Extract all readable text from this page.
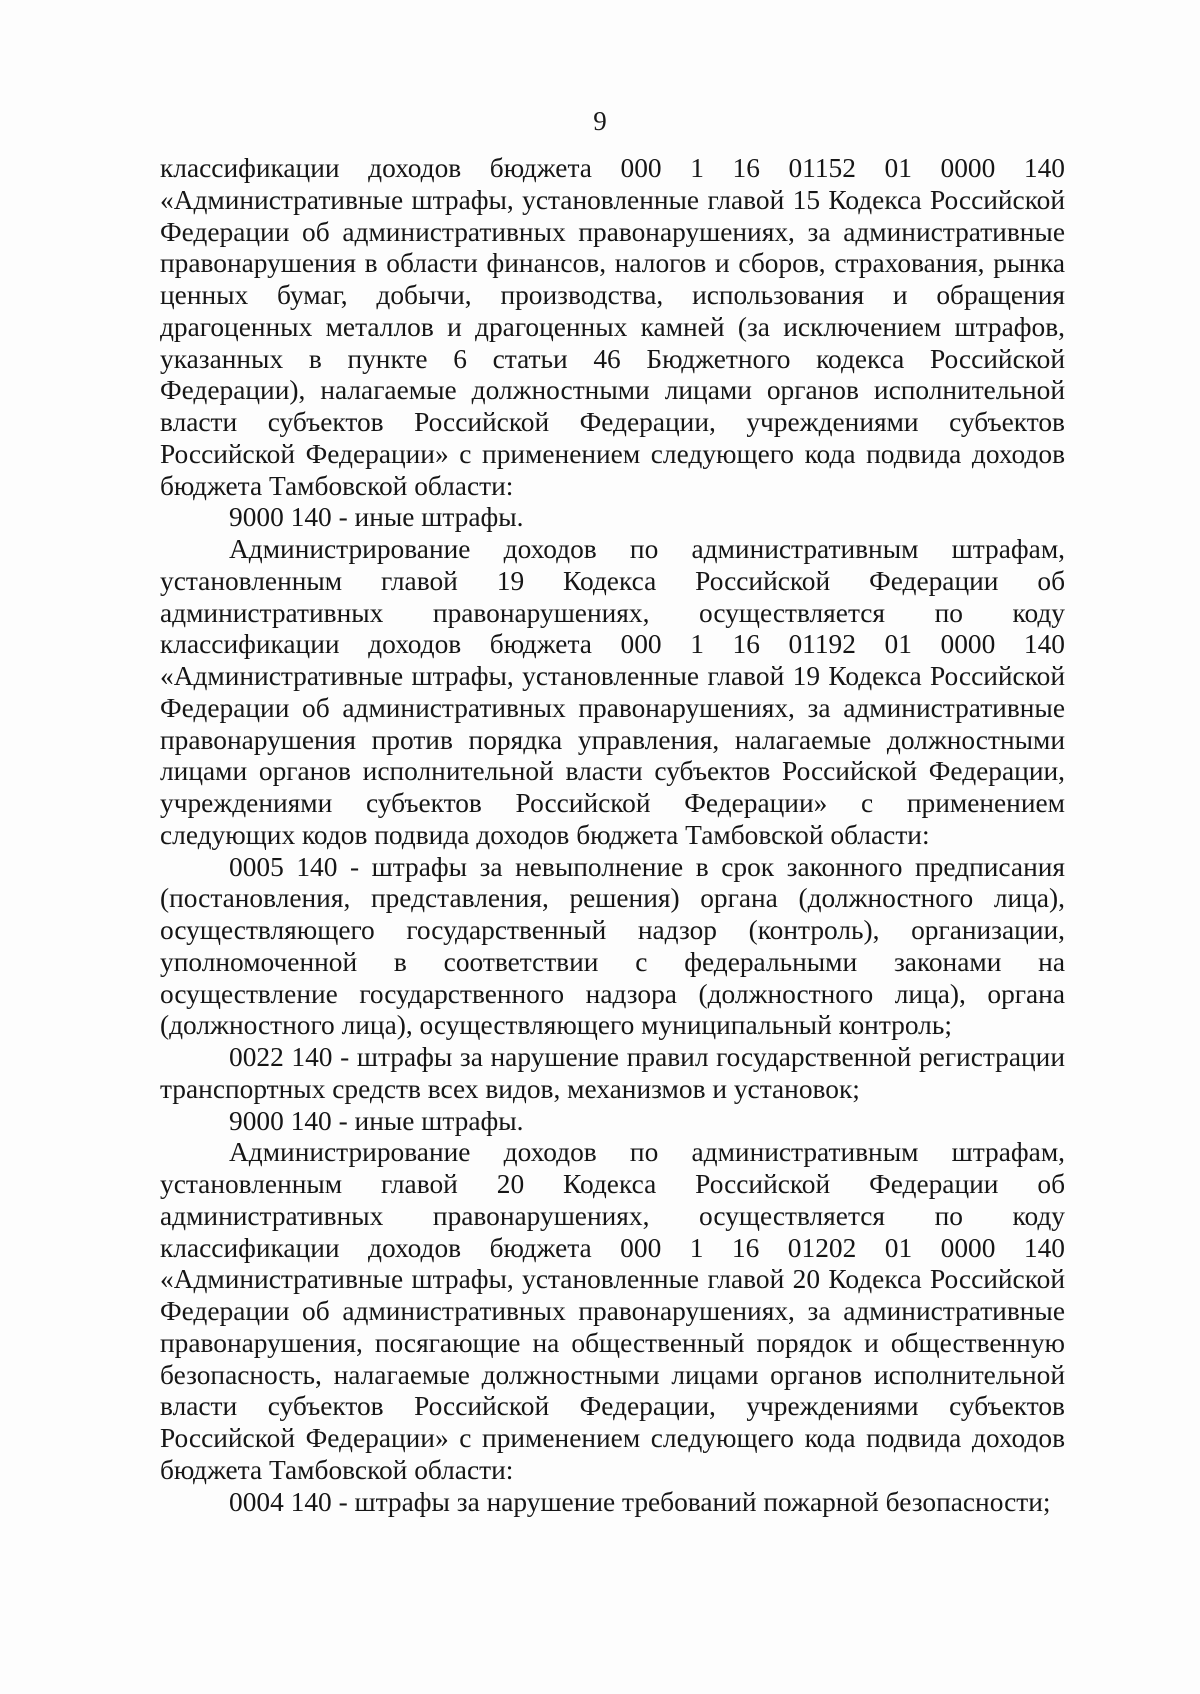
9

классификации доходов бюджета 000 1 16 01152 01 0000 140 «Административные штрафы, установленные главой 15 Кодекса Российской Федерации об административных правонарушениях, за административные правонарушения в области финансов, налогов и сборов, страхования, рынка ценных бумаг, добычи, производства, использования и обращения драгоценных металлов и драгоценных камней (за исключением штрафов, указанных в пункте 6 статьи 46 Бюджетного кодекса Российской Федерации), налагаемые должностными лицами органов исполнительной власти субъектов Российской Федерации, учреждениями субъектов Российской Федерации» с применением следующего кода подвида доходов бюджета Тамбовской области:

9000 140 - иные штрафы.

Администрирование доходов по административным штрафам, установленным главой 19 Кодекса Российской Федерации об административных правонарушениях, осуществляется по коду классификации доходов бюджета 000 1 16 01192 01 0000 140 «Административные штрафы, установленные главой 19 Кодекса Российской Федерации об административных правонарушениях, за административные правонарушения против порядка управления, налагаемые должностными лицами органов исполнительной власти субъектов Российской Федерации, учреждениями субъектов Российской Федерации» с применением следующих кодов подвида доходов бюджета Тамбовской области:

0005 140 - штрафы за невыполнение в срок законного предписания (постановления, представления, решения) органа (должностного лица), осуществляющего государственный надзор (контроль), организации, уполномоченной в соответствии с федеральными законами на осуществление государственного надзора (должностного лица), органа (должностного лица), осуществляющего муниципальный контроль;

0022 140 - штрафы за нарушение правил государственной регистрации транспортных средств всех видов, механизмов и установок;

9000 140 - иные штрафы.

Администрирование доходов по административным штрафам, установленным главой 20 Кодекса Российской Федерации об административных правонарушениях, осуществляется по коду классификации доходов бюджета 000 1 16 01202 01 0000 140 «Административные штрафы, установленные главой 20 Кодекса Российской Федерации об административных правонарушениях, за административные правонарушения, посягающие на общественный порядок и общественную безопасность, налагаемые должностными лицами органов исполнительной власти субъектов Российской Федерации, учреждениями субъектов Российской Федерации» с применением следующего кода подвида доходов бюджета Тамбовской области:

0004 140 - штрафы за нарушение требований пожарной безопасности;
